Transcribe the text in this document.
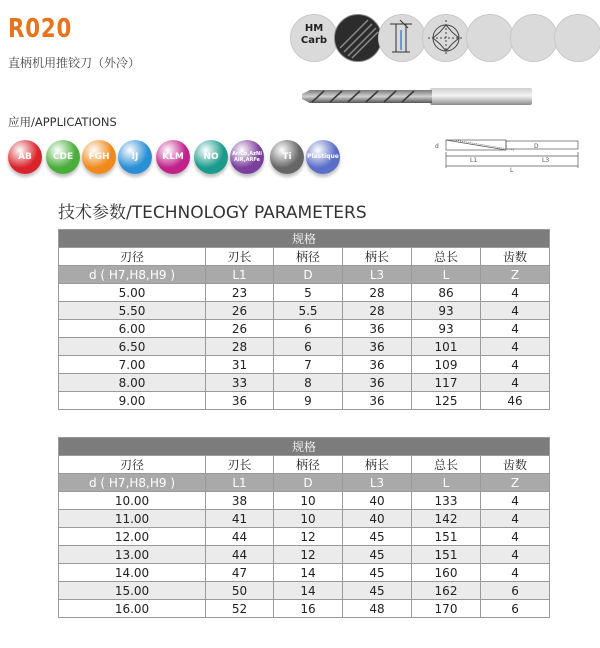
R020
直柄机用推铰刀（外冷）
应用/APPLICATIONS
HM
Carb
d
L1
D
L3
L
AB CDE FGH IJ	KLM NO	Ar/Co,AzNi
AIR,ARFe Ti	Plastique
技术参数/TECHNOLOGY PARAMETERS
规格					
刃径	刃长	柄径	柄长	总长	齿数
d ( H7,H8,H9 )	L1	D	L3	L	Z
5.00	23	5	28	86	4
5.50	26	5.5	28	93	4
6.00	26	6	36	93	4
6.50	28	6	36	101	4
7.00	31	7	36	109	4
8.00	33	8	36	117	4
9.00	36	9	36	125	46
规格					
刃径	刃长	柄径	柄长	总长	齿数
d ( H7,H8,H9 )	L1	D	L3	L	Z
10.00	38	10	40	133	4
11.00	41	10	40	142	4
12.00	44	12	45	151	4
13.00	44	12	45	151	4
14.00	47	14	45	160	4
15.00	50	14	45	162	6
16.00	52	16	48	170	6
